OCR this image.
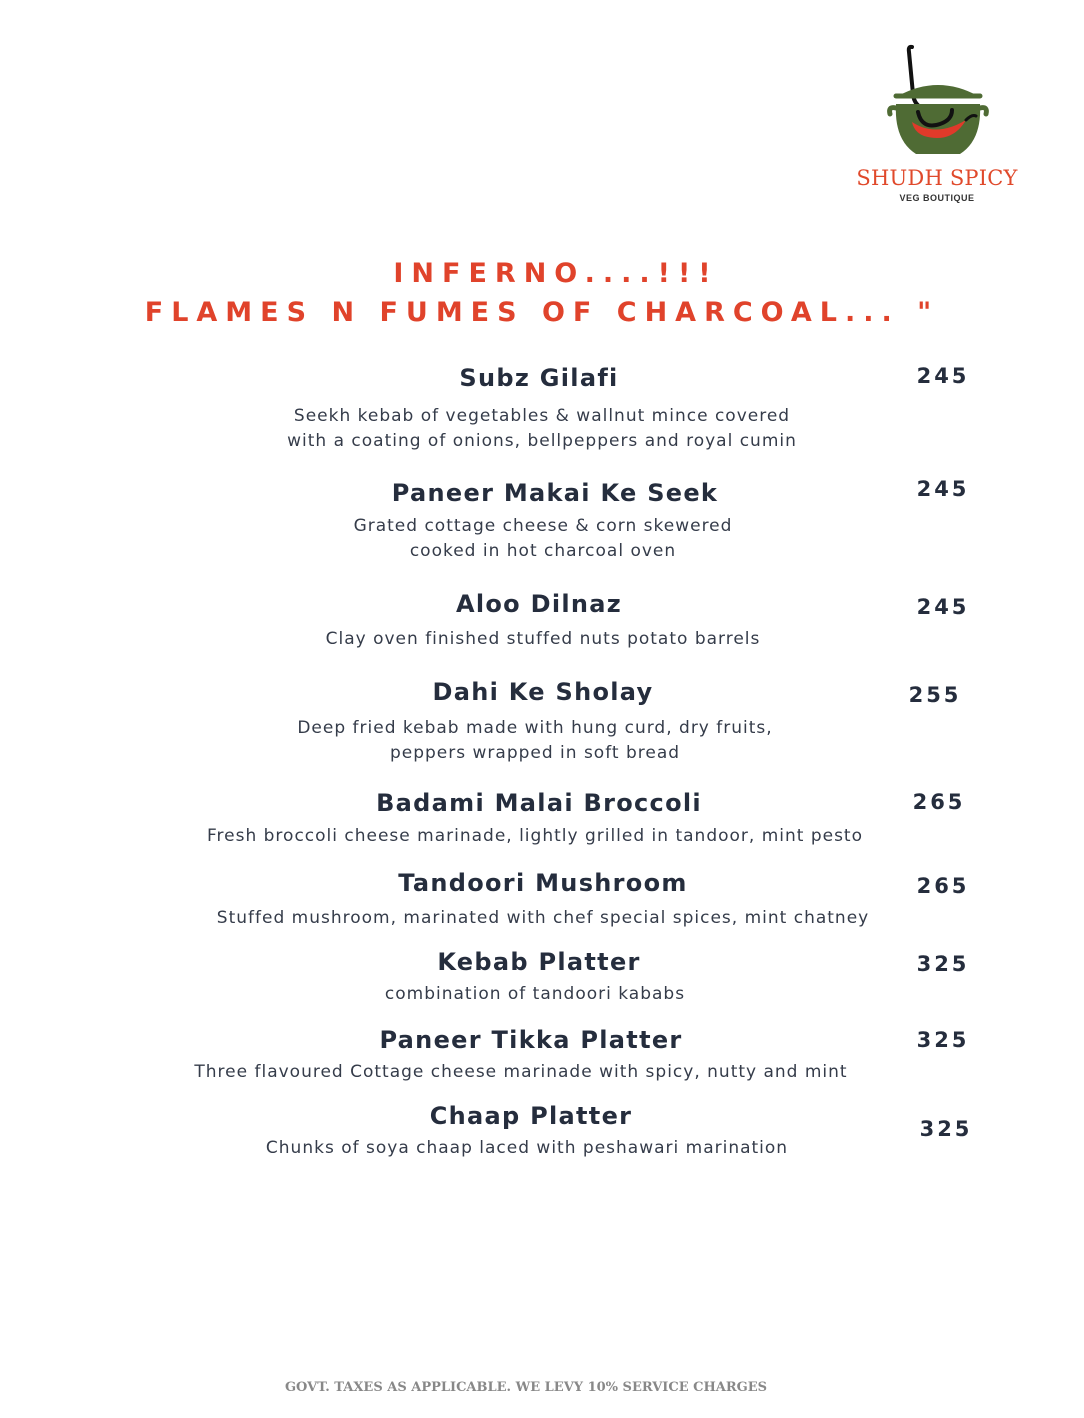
SHUDH SPICY
VEG BOUTIQUE
INFERNO....!!!
FLAMES N FUMES OF CHARCOAL... "
Subz Gilafi	245
Seekh kebab of vegetables & wallnut mince covered
with a coating of onions, bellpeppers and royal cumin
Paneer Makai Ke Seek	245
Grated cottage cheese & corn skewered
cooked in hot charcoal oven
Aloo Dilnaz	245
Clay oven finished stuffed nuts potato barrels
Dahi Ke Sholay	255
Deep fried kebab made with hung curd, dry fruits,
peppers wrapped in soft bread
Badami Malai Broccoli	265
Fresh broccoli cheese marinade, lightly grilled in tandoor, mint pesto
Tandoori Mushroom	265
Stuffed mushroom, marinated with chef special spices, mint chatney
Kebab Platter	325
combination of tandoori kababs
Paneer Tikka Platter	325
Three flavoured Cottage cheese marinade with spicy, nutty and mint
Chaap Platter	325
Chunks of soya chaap laced with peshawari marination
GOVT. TAXES AS APPLICABLE. WE LEVY 10% SERVICE CHARGES
